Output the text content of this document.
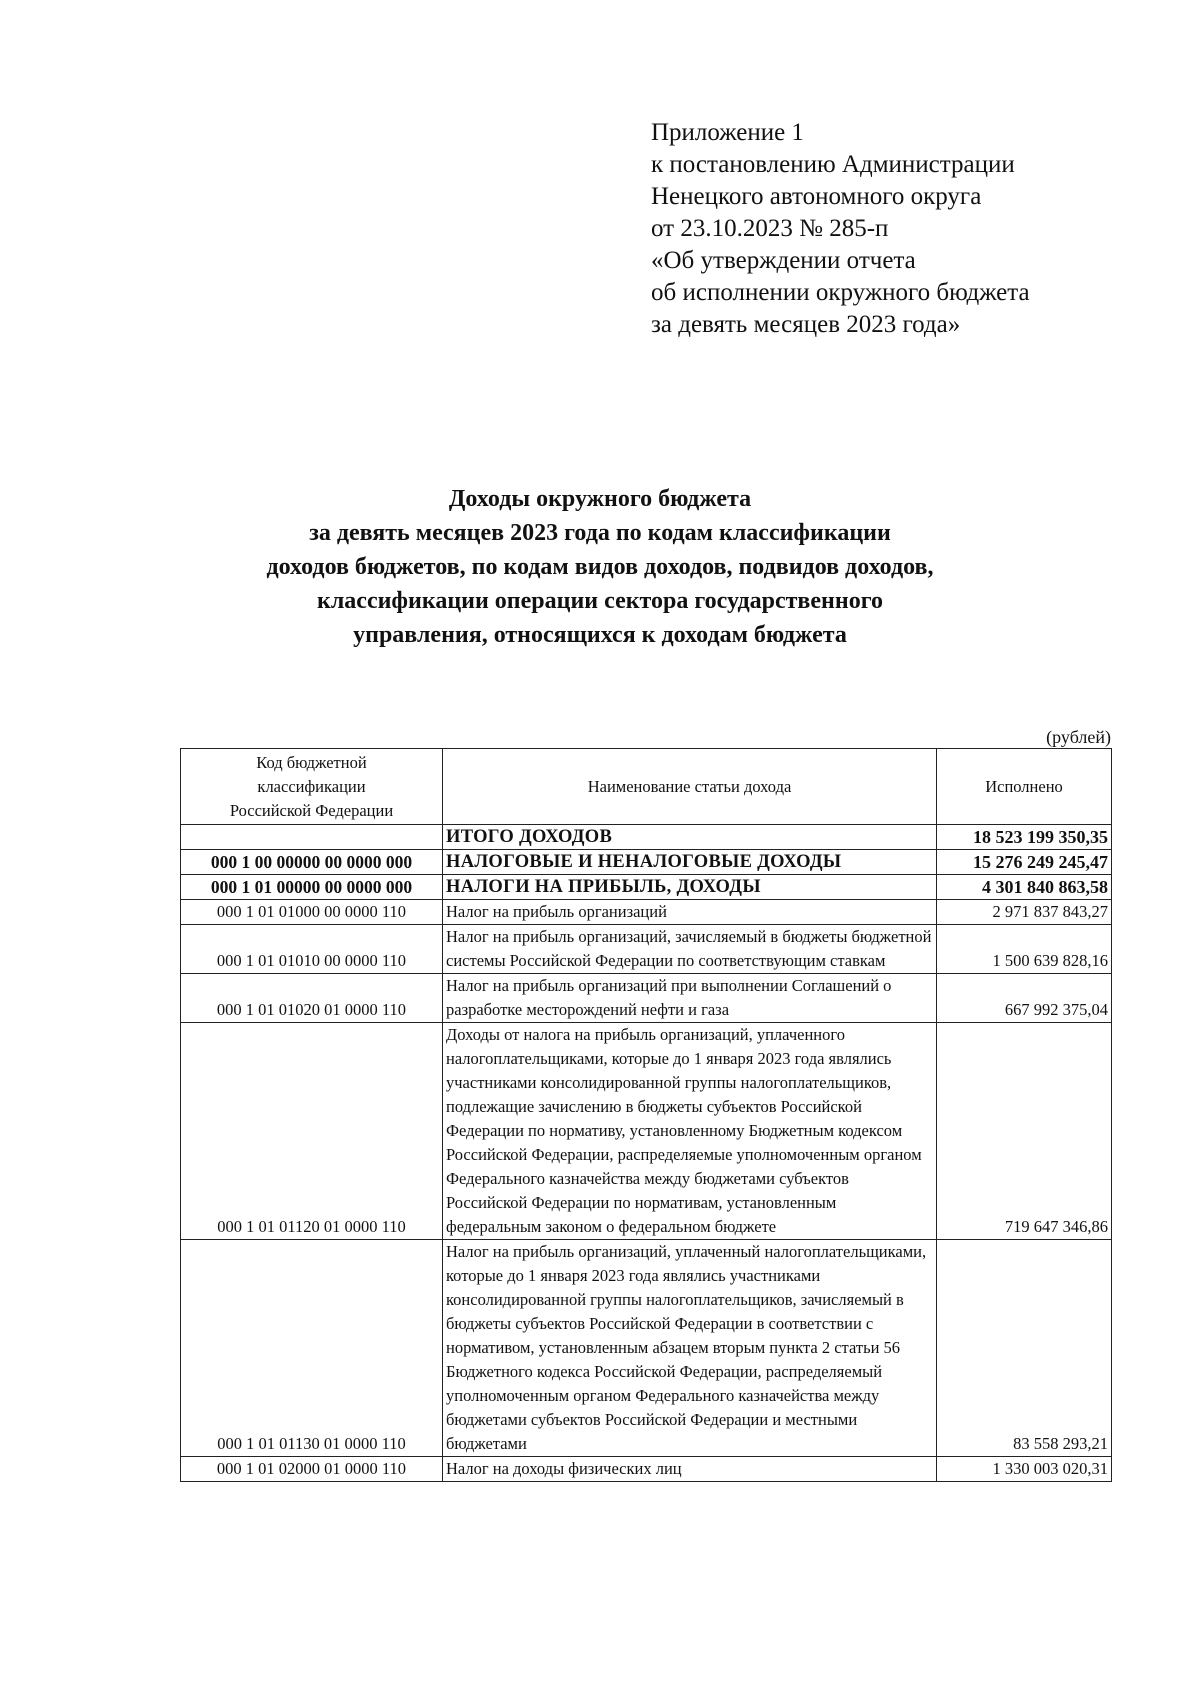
Приложение 1
к постановлению Администрации
Ненецкого автономного округа
от 23.10.2023 № 285-п
«Об утверждении отчета
об исполнении окружного бюджета
за девять месяцев 2023 года»
Доходы окружного бюджета
за девять месяцев 2023 года по кодам классификации
доходов бюджетов, по кодам видов доходов, подвидов доходов,
классификации операции сектора государственного
управления, относящихся к доходам бюджета
(рублей)
Код бюджетной
классификации
Российской Федерации	Наименование статьи дохода	Исполнено
	ИТОГО ДОХОДОВ	18 523 199 350,35
000 1 00 00000 00 0000 000	НАЛОГОВЫЕ И НЕНАЛОГОВЫЕ ДОХОДЫ	15 276 249 245,47
000 1 01 00000 00 0000 000	НАЛОГИ НА ПРИБЫЛЬ, ДОХОДЫ	4 301 840 863,58
000 1 01 01000 00 0000 110	Налог на прибыль организаций	2 971 837 843,27
000 1 01 01010 00 0000 110	Налог на прибыль организаций, зачисляемый в бюджеты бюджетной системы Российской Федерации по соответствующим ставкам	1 500 639 828,16
000 1 01 01020 01 0000 110	Налог на прибыль организаций при выполнении Соглашений о разработке месторождений нефти и газа	667 992 375,04
000 1 01 01120 01 0000 110	Доходы от налога на прибыль организаций, уплаченного налогоплательщиками, которые до 1 января 2023 года являлись участниками консолидированной группы налогоплательщиков, подлежащие зачислению в бюджеты субъектов Российской Федерации по нормативу, установленному Бюджетным кодексом Российской Федерации, распределяемые уполномоченным органом Федерального казначейства между бюджетами субъектов Российской Федерации по нормативам, установленным федеральным законом о федеральном бюджете	719 647 346,86
000 1 01 01130 01 0000 110	Налог на прибыль организаций, уплаченный налогоплательщиками, которые до 1 января 2023 года являлись участниками консолидированной группы налогоплательщиков, зачисляемый в бюджеты субъектов Российской Федерации в соответствии с нормативом, установленным абзацем вторым пункта 2 статьи 56 Бюджетного кодекса Российской Федерации, распределяемый уполномоченным органом Федерального казначейства между бюджетами субъектов Российской Федерации и местными бюджетами	83 558 293,21
000 1 01 02000 01 0000 110	Налог на доходы физических лиц	1 330 003 020,31
